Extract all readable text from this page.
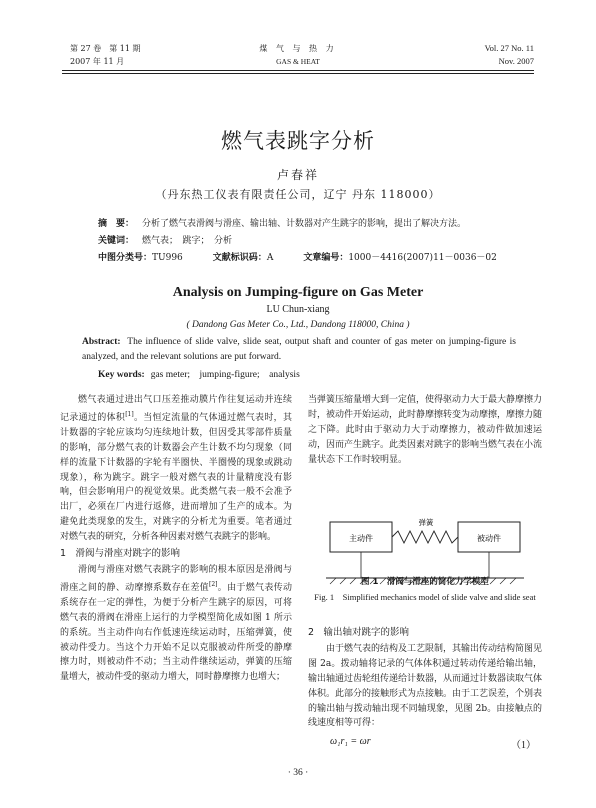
第 27 卷　第 11 期
2007 年 11 月
煤 气 与 热 力
GAS & HEAT
Vol. 27 No. 11
Nov. 2007
燃气表跳字分析
卢春祥
（丹东热工仪表有限责任公司，辽宁 丹东 118000）
摘　要： 分析了燃气表滑阀与滑座、输出轴、计数器对产生跳字的影响，提出了解决方法。
关键词： 燃气表；　跳字；　分析
中图分类号：TU996	文献标识码：A	文章编号：1000－4416(2007)11－0036－02
Analysis on Jumping-figure on Gas Meter
LU Chun-xiang
( Dandong Gas Meter Co., Ltd., Dandong 118000, China )
Abstract: The influence of slide valve, slide seat, output shaft and counter of gas meter on jumping-figure is analyzed, and the relevant solutions are put forward.
Key words: gas meter;　jumping-figure;　analysis

燃气表通过进出气口压差推动膜片作往复运动并连续记录通过的体积[1]。当恒定流量的气体通过燃气表时，其计数器的字轮应该均匀连续地计数，但因受其零部件质量的影响，部分燃气表的计数器会产生计数不均匀现象（同样的流量下计数器的字轮有半圈快、半圈慢的现象或跳动现象），称为跳字。跳字一般对燃气表的计量精度没有影响，但会影响用户的视觉效果。此类燃气表一般不会准予出厂，必须在厂内进行返修，进而增加了生产的成本。为避免此类现象的发生，对跳字的分析尤为重要。笔者通过对燃气表的研究，分析各种因素对燃气表跳字的影响。

1　滑阀与滑座对跳字的影响

滑阀与滑座对燃气表跳字的影响的根本原因是滑阀与滑座之间的静、动摩擦系数存在差值[2]。由于燃气表传动系统存在一定的弹性，为便于分析产生跳字的原因，可将燃气表的滑阀在滑座上运行的力学模型简化成如图 1 所示的系统。当主动件向右作低速连续运动时，压缩弹簧，使被动件受力。当这个力开始不足以克服被动件所受的静摩擦力时，则被动件不动；当主动件继续运动，弹簧的压缩量增大，被动件受的驱动力增大，同时静摩擦力也增大；

当弹簧压缩量增大到一定值，使得驱动力大于最大静摩擦力时，被动件开始运动，此时静摩擦转变为动摩擦，摩擦力随之下降。此时由于驱动力大于动摩擦力，被动件做加速运动，因而产生跳字。此类因素对跳字的影响当燃气表在小流量状态下工作时较明显。

主动件
弹簧
被动件
图 1　滑阀与滑座的简化力学模型
Fig. 1　Simplified mechanics model of slide valve and slide seat
2　输出轴对跳字的影响

由于燃气表的结构及工艺限制，其输出传动结构简图见图 2a。拨动轴将记录的气体体积通过转动传递给输出轴，输出轴通过齿轮组传递给计数器，从而通过计数器读取气体体积。此部分的接触形式为点接触。由于工艺误差，个别表的输出轴与拨动轴出现不同轴现象，见图 2b。由接触点的线速度相等可得：

ω₁r₁ = ωr	（1）
· 36 ·
